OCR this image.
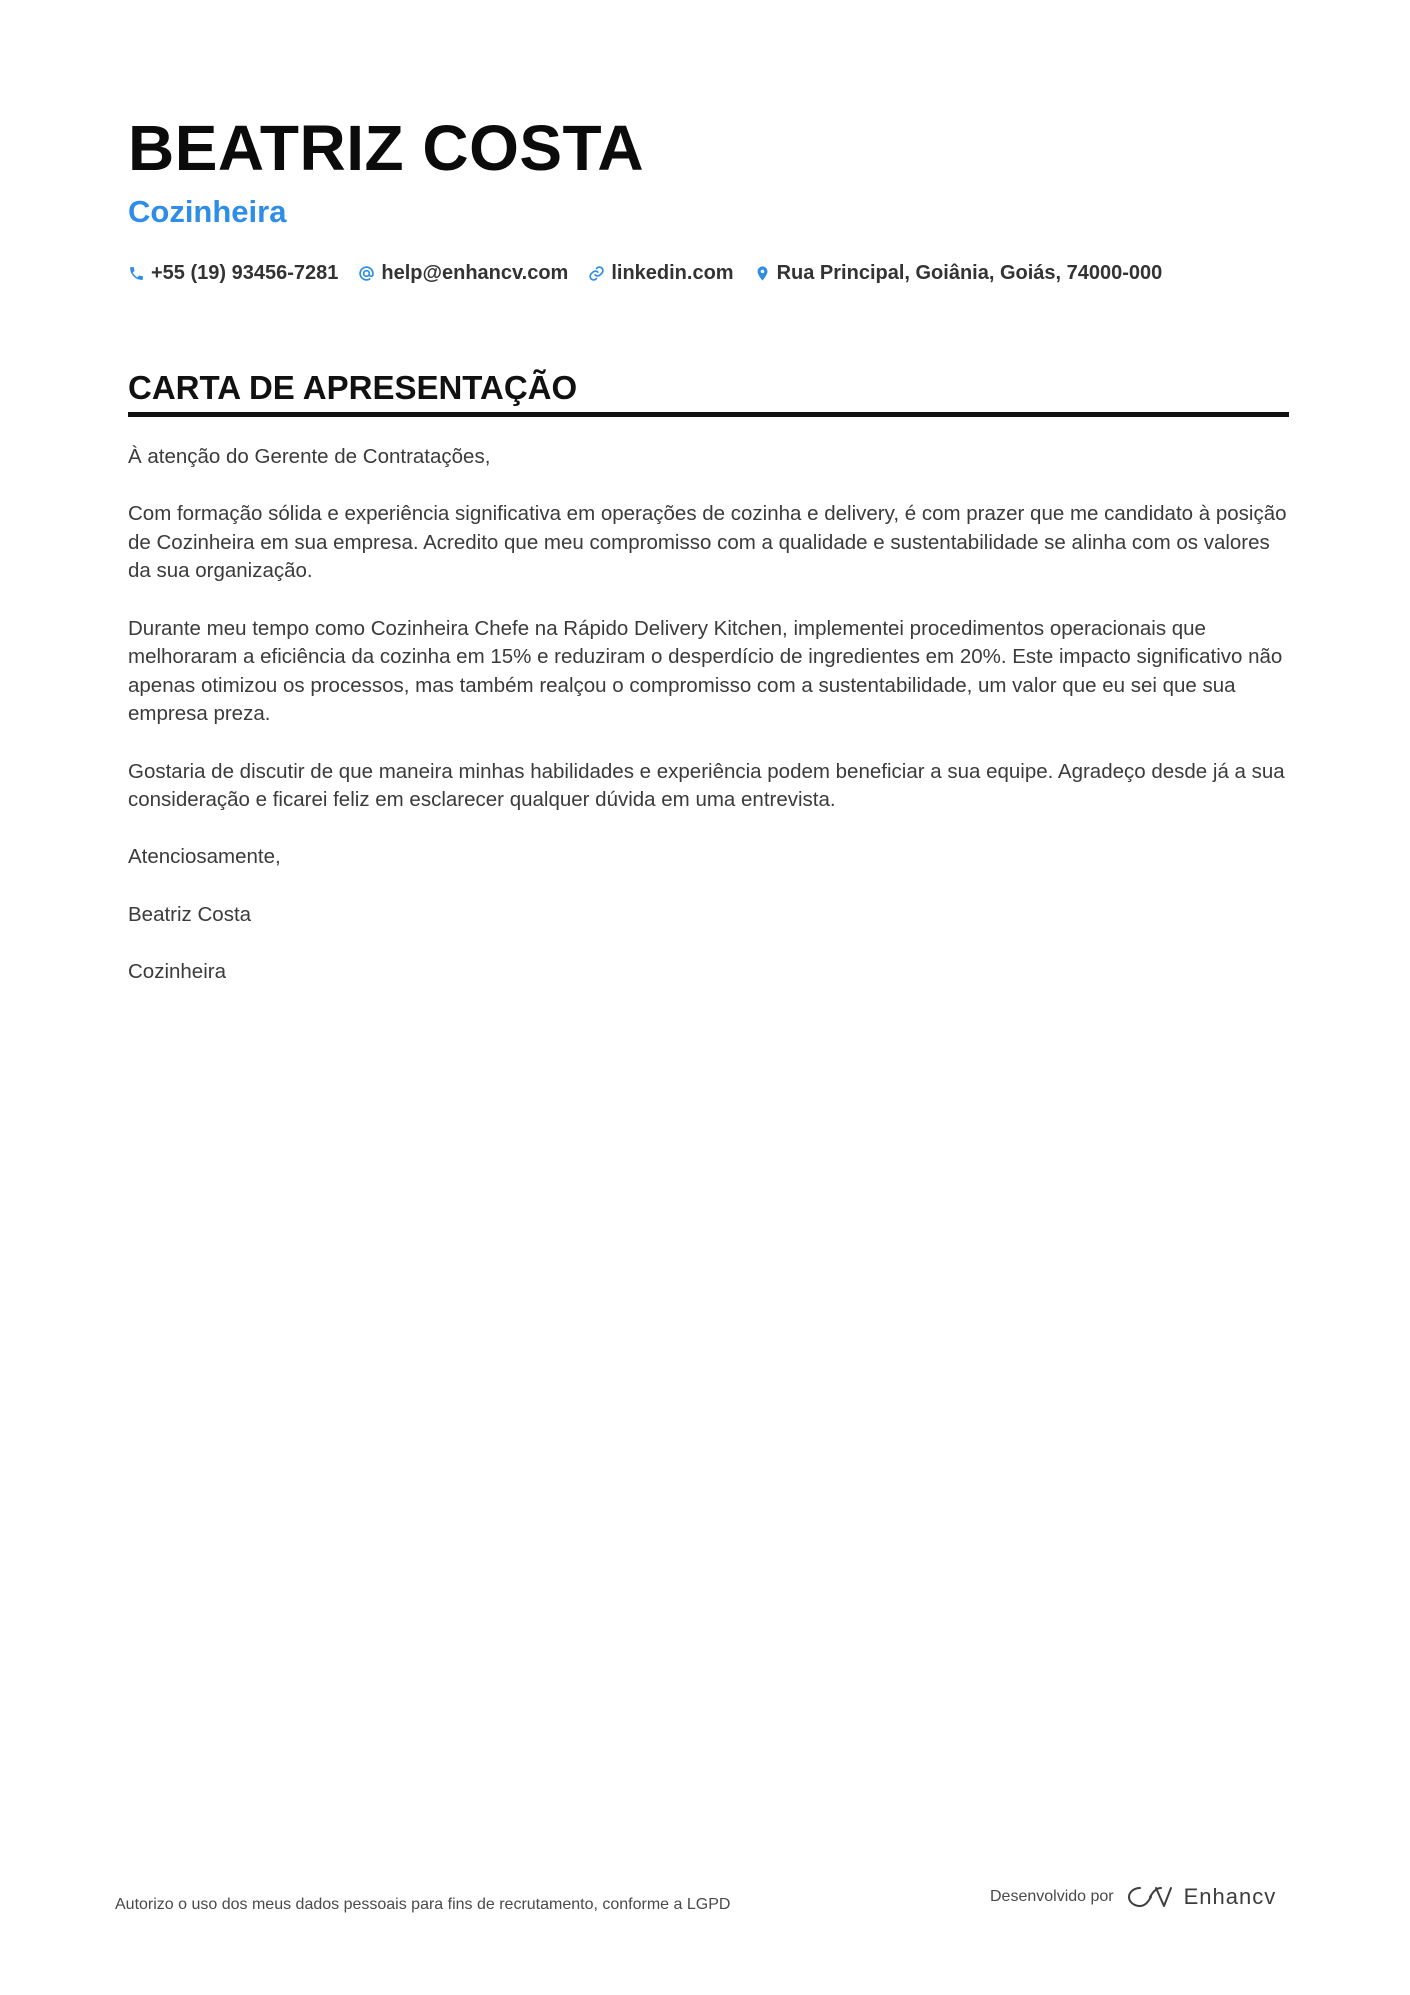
BEATRIZ COSTA
Cozinheira
+55 (19) 93456-7281 help@enhancv.com linkedin.com Rua Principal, Goiânia, Goiás, 74000-000
CARTA DE APRESENTAÇÃO

À atenção do Gerente de Contratações,

Com formação sólida e experiência significativa em operações de cozinha e delivery, é com prazer que me candidato à posição de Cozinheira em sua empresa. Acredito que meu compromisso com a qualidade e sustentabilidade se alinha com os valores da sua organização.

Durante meu tempo como Cozinheira Chefe na Rápido Delivery Kitchen, implementei procedimentos operacionais que melhoraram a eficiência da cozinha em 15% e reduziram o desperdício de ingredientes em 20%. Este impacto significativo não apenas otimizou os processos, mas também realçou o compromisso com a sustentabilidade, um valor que eu sei que sua empresa preza.

Gostaria de discutir de que maneira minhas habilidades e experiência podem beneficiar a sua equipe. Agradeço desde já a sua consideração e ficarei feliz em esclarecer qualquer dúvida em uma entrevista.

Atenciosamente,

Beatriz Costa

Cozinheira

Autorizo o uso dos meus dados pessoais para fins de recrutamento, conforme a LGPD	Desenvolvido por	Enhancv
